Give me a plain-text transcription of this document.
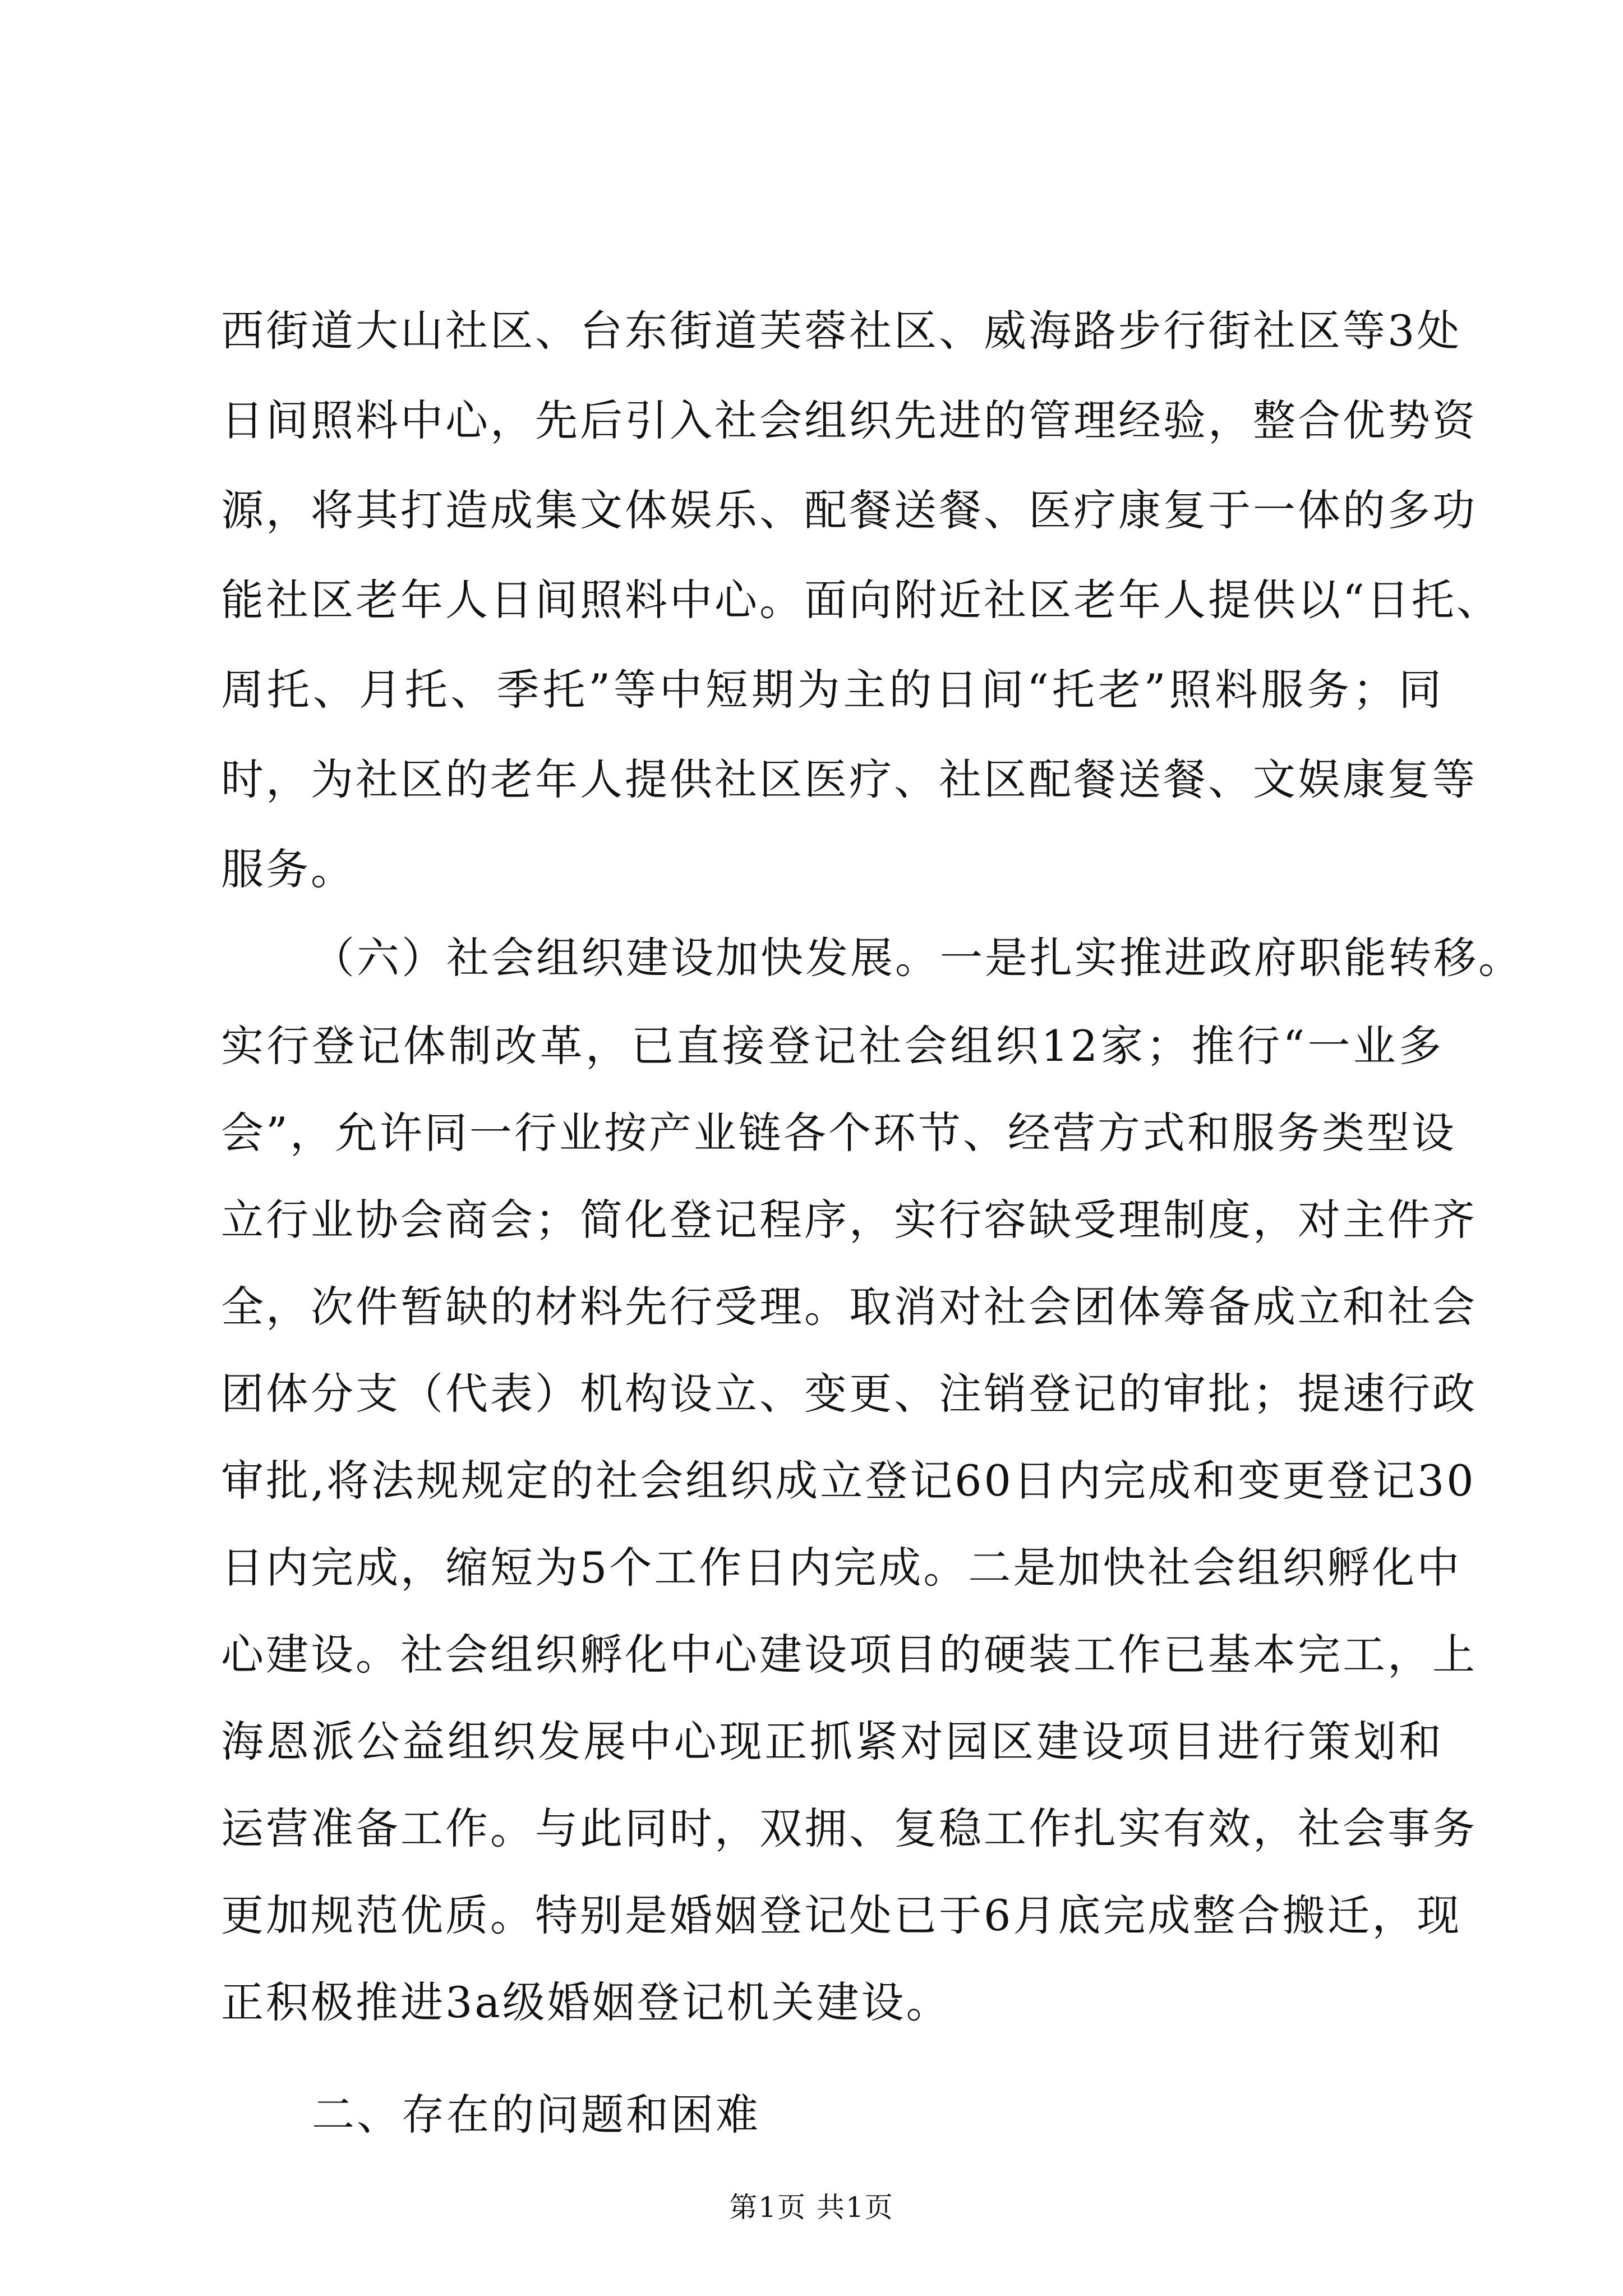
西街道大山社区、台东街道芙蓉社区、威海路步行街社区等3处
日间照料中心，先后引入社会组织先进的管理经验，整合优势资
源，将其打造成集文体娱乐、配餐送餐、医疗康复于一体的多功
能社区老年人日间照料中心。面向附近社区老年人提供以“日托、
周托、月托、季托”等中短期为主的日间“托老”照料服务；同
时，为社区的老年人提供社区医疗、社区配餐送餐、文娱康复等
服务。
（六）社会组织建设加快发展。一是扎实推进政府职能转移。
实行登记体制改革，已直接登记社会组织12家；推行“一业多
会”，允许同一行业按产业链各个环节、经营方式和服务类型设
立行业协会商会；简化登记程序，实行容缺受理制度，对主件齐
全，次件暂缺的材料先行受理。取消对社会团体筹备成立和社会
团体分支（代表）机构设立、变更、注销登记的审批；提速行政
审批,将法规规定的社会组织成立登记60日内完成和变更登记30
日内完成，缩短为5个工作日内完成。二是加快社会组织孵化中
心建设。社会组织孵化中心建设项目的硬装工作已基本完工，上
海恩派公益组织发展中心现正抓紧对园区建设项目进行策划和
运营准备工作。与此同时，双拥、复稳工作扎实有效，社会事务
更加规范优质。特别是婚姻登记处已于6月底完成整合搬迁，现
正积极推进3a级婚姻登记机关建设。
二、存在的问题和困难
第1页 共1页
